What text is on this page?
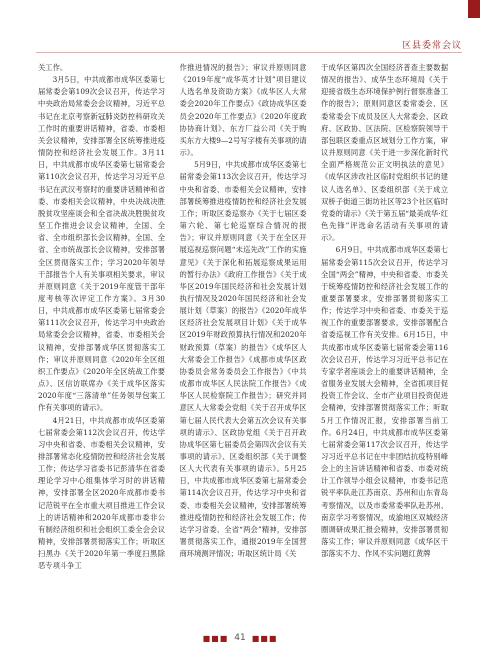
区县委常会议

关工作。

3月5日，中共成都市成华区委第七届常委会第109次会议召开，传达学习中央政治局常委会会议精神，习近平总书记在北京考察新冠肺炎防控科研攻关工作时的重要讲话精神，省委、市委相关会议精神，安排部署全区统筹推进疫情防控和经济社会发展工作。3月11日，中共成都市成华区委第七届常委会第110次会议召开，传达学习习近平总书记在武汉考察时的重要讲话精神和省委、市委相关会议精神，中央决战决胜脱贫攻坚座谈会和全省决战决胜脱贫攻坚工作推进会议会议精神，全国、全省、全市组织部长会议精神，全国、全省、全市统战部长会议精神，安排部署全区贯彻落实工作；学习2020年领导干部报告个人有关事项相关要求，审议并原则同意《关于2019年度管干部年度考核等次评定工作方案》。3月30日，中共成都市成华区委第七届常委会第111次会议召开，传达学习中央政治局常委会会议精神，省委、市委相关会议精神，安排部署成华区贯彻落实工作；审议并原则同意《2020年全区组织工作要点》《2020年全区统战工作要点》、区信访联席办《关于成华区落实2020年度“三落清单”任务领导包案工作有关事项的请示》。

4月21日，中共成都市成华区委第七届常委会第112次会议召开，传达学习中央和省委、市委相关会议精神，安排部署常态化疫情防控和经济社会发展工作；传达学习省委书记彭清华在省委理论学习中心组集体学习时的讲话精神，安排部署全区2020年成都市委书记范锐平在全市重大项目推进工作会议上的讲话精神和2020年成都市委非公有制经济组织和社会组织工委全会会议精神，安排部署贯彻落实工作；听取区扫黑办《关于2020年第一季度扫黑除恶专项斗争工

作推进情况的报告》；审议并原则同意《2019年度“成华英才计划”项目建议人选名单及资助方案》《成华区人大常委会2020年工作要点》《政协成华区委员会2020年工作要点》《2020年度政协协商计划》、东方厂益公司《关于购买东方大楼9—2号写字楼有关事项的请示》。

5月9日，中共成都市成华区委第七届常委会第113次会议召开，传达学习中央和省委、市委相关会议精神，安排部署统筹推进疫情防控和经济社会发展工作；听取区委巡察办《关于七届区委第六轮、第七轮巡察综合情况的报告》；审议并原则同意《关于在全区开展巡视巡察问题“未巡先改”工作的实施意见》《关于深化和拓展巡察成果运用的暂行办法》《政府工作报告》《关于成华区2019年国民经济和社会发展计划执行情况及2020年国民经济和社会发展计划（草案）的报告》《2020年成华区经济社会发展项目计划》《关于成华区2019年财政预算执行情况和2020年财政预算（草案）的报告》《成华区人大常委会工作报告》《成都市成华区政协委员会常务委员会工作报告》《中共成都市成华区人民法院工作报告》《成华区人民检察院工作报告》；研究并同意区人大常委会党组《关于召开成华区第七届人民代表大会第五次会议有关事项的请示》、区政协党组《关于召开政协成华区第七届委员会第四次会议有关事项的请示》、区委组织部《关于调整区人大代表有关事项的请示》。5月25日，中共成都市成华区委第七届常委会第114次会议召开，传达学习中央和省委、市委相关会议精神，安排部署统筹推进疫情防控和经济社会发展工作；传达学习省委、全省“两会”精神，安排部署贯彻落实工作，通报2019年全国营商环境测评情况；听取区统计局《关

于成华区第四次全国经济普查主要数据情况的报告》、成华生态环境局《关于迎接省级生态环境保护例行督察准备工作的报告》；原则同意区委常委会、区委常委会下成员及区人大常委会、区政府、区政协、区法院、区检察院领导干部包联区委重点区域划分工作方案，审议并原则同意《关于进一步深化新时代全面严格规范公正文明执法的意见》《成华区涉改社区临时党组织书记的建议人选名单》、区委组织部《关于成立双桥子街道三街坊社区等23个社区临时党委的请示》《关于第五届“最美成华·红色先锋”评选命名活动有关事项的请示》。

6月9日，中共成都市成华区委第七届常委会第115次会议召开，传达学习全国“两会”精神，中央和省委、市委关于统筹疫情防控和经济社会发展工作的重要部署要求，安排部署贯彻落实工作；传达学习中央和省委、市委关于巡视工作的重要部署要求，安排部署配合省委巡视工作有关安排。6月15日，中共成都市成华区委第七届常委会第116次会议召开，传达学习习近平总书记在专家学者座谈会上的重要讲话精神，全省服务业发展大会精神，全省抓项目促投资工作会议、全市产业项目投资促进会精神，安排部署贯彻落实工作；听取5月工作情况汇报，安排部署当前工作。6月24日，中共成都市成华区委第七届常委会第117次会议召开，传达学习习近平总书记在中非团结抗疫特别峰会上的主旨讲话精神和省委、市委对统计工作领导小组会议精神，市委书记范锐平率队赴江苏南京、苏州和山东青岛考察情况，以及市委常委率队赴苏州、南京学习考察情况，成渝地区双城经济圈调研成果汇报会精神，安排部署贯彻落实工作；审议并原则同意《成华区干部落实不力、作风不实问题红黄牌

■■■ 41 ■■■
